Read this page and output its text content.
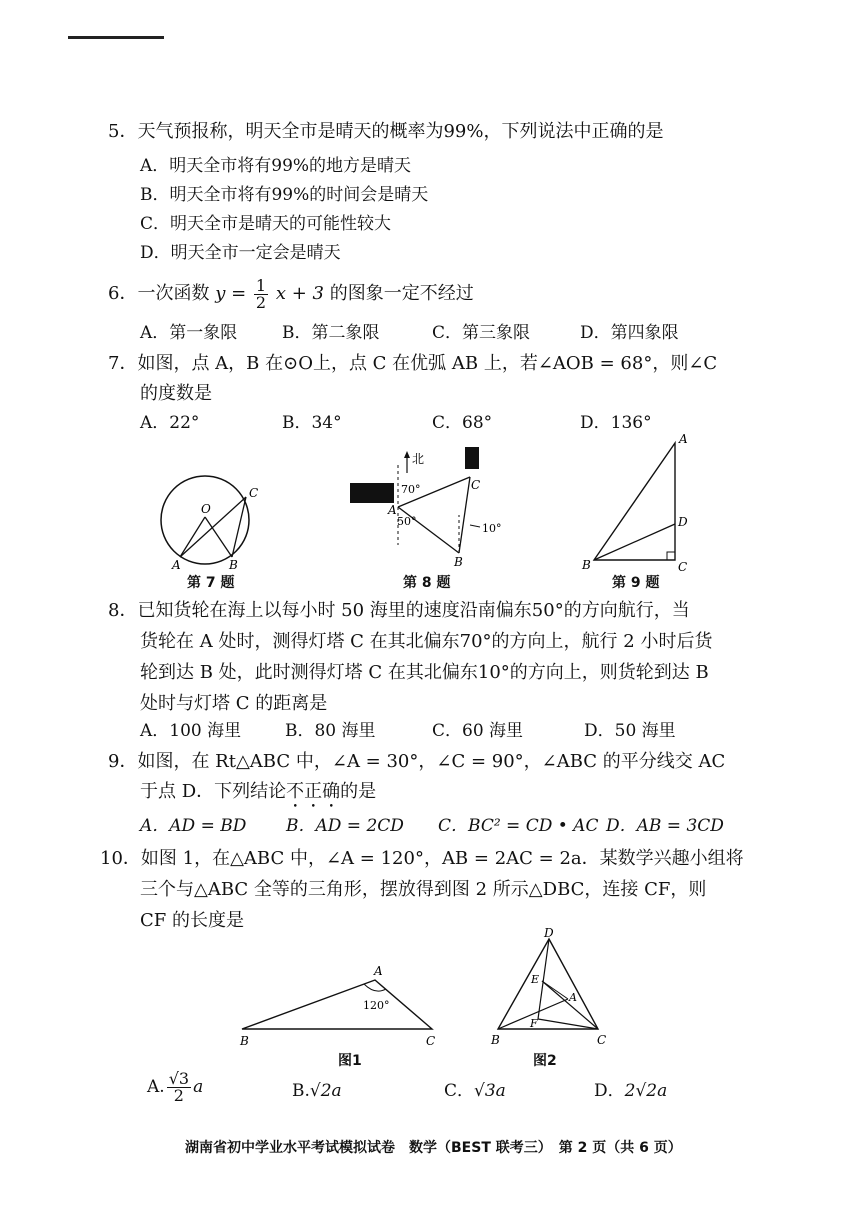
5．天气预报称，明天全市是晴天的概率为99%，下列说法中正确的是
A．明天全市将有99%的地方是晴天
B．明天全市将有99%的时间会是晴天
C．明天全市是晴天的可能性较大
D．明天全市一定会是晴天
6．一次函数 $y = \frac{1}{2}$ x + 3 的图象一定不经过
A．第一象限	B．第二象限	C．第三象限	D．第四象限
7．如图，点 A，B 在⊙O上，点 C 在优弧 AB 上，若∠AOB = 68°，则∠C
的度数是
A．22°	B．34°	C．68°	D．136°
O
A	B
C
北
70°
50°
10°
A
B
C
A
B	C
D
第 7 题	第 8 题	第 9 题
8．已知货轮在海上以每小时 50 海里的速度沿南偏东50°的方向航行，当
货轮在 A 处时，测得灯塔 C 在其北偏东70°的方向上，航行 2 小时后货
轮到达 B 处，此时测得灯塔 C 在其北偏东10°的方向上，则货轮到达 B
处时与灯塔 C 的距离是
A．100 海里	B．80 海里	C．60 海里	D．50 海里
9．如图，在 Rt△ABC 中，∠A = 30°，∠C = 90°，∠ABC 的平分线交 AC
于点 D．下列结论不正确的是
A．AD = BD B．AD = 2CD C．BC² = CD • AC D．AB = 3CD
10．如图 1，在△ABC 中，∠A = 120°，AB = 2AC = 2a．某数学兴趣小组将
三个与△ABC 全等的三角形，摆放得到图 2 所示△DBC，连接 CF，则
CF 的长度是
A
B	C
120°
D
E
A
F
B	C
图1	图2
A. $\frac{√3}{2}$ a	B.√2a	C．√3a	D．2√2a
湖南省初中学业水平考试模拟试卷　数学（BEST 联考三）　第 2 页（共 6 页）
